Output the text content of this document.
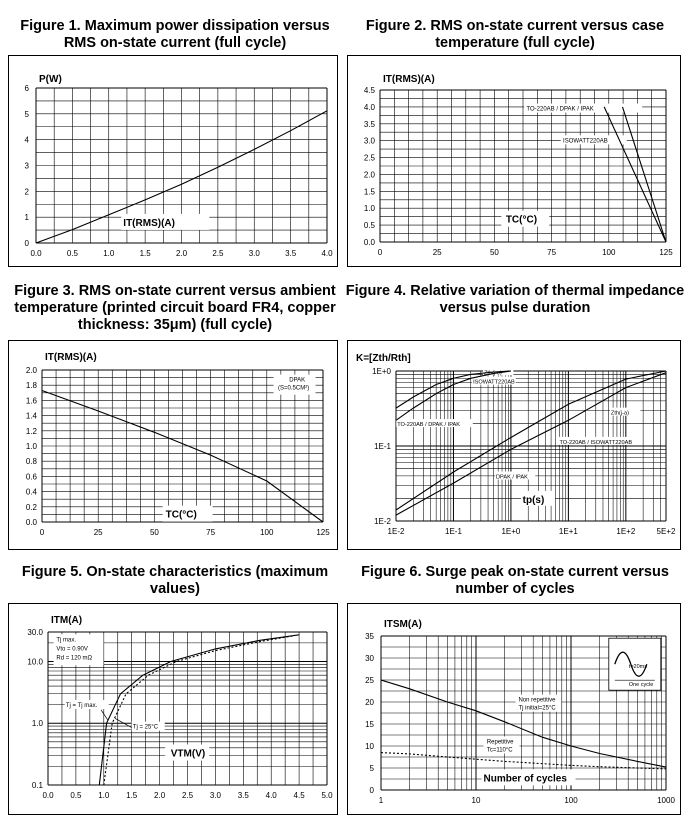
Figure 1. Maximum power dissipation versus RMS on-state current (full cycle)
Figure 2. RMS on-state current versus case temperature (full cycle)
Figure 3. RMS on-state current versus ambient temperature (printed circuit board FR4, copper thickness: 35μm) (full cycle)
Figure 4. Relative variation of thermal impedance versus pulse duration
Figure 5. On-state characteristics (maximum values)
Figure 6. Surge peak on-state current versus number of cycles
0.0	0.5	1.0	1.5	2.0	2.5	3.0	3.5	4.0
0
1
2
3
4
5
6
IT(RMS)(A)
P(W)
0	25	50	75	100	125
0.0
0.5
1.0
1.5
2.0
2.5
3.0
3.5
4.0
4.5
TC(°C)
IT(RMS)(A)
TO-220AB / DPAK / IPAK
ISOWATT220AB
0	25	50	75	100	125
0.0
0.2
0.4
0.6
0.8
1.0
1.2
1.4
1.6
1.8
2.0
TC(°C)
IT(RMS)(A)
DPAK
(S=0.5CM²)
1E-2	1E-1	1E+0	1E+1	1E+2	5E+2
1E+0
1E-1
1E-2
tp(s)
K=[Zth/Rth]
Zth(j-c)
ISOWATT220AB
TO-220AB / DPAK / IPAK
Zth(j-a)
TO-220AB / ISOWATT220AB
DPAK / IPAK
0.0 0.5 1.0 1.5 2.0 2.5 3.0 3.5 4.0 4.5 5.0
30.0
10.0
1.0
0.1
VTM(V)
ITM(A)
Tj max.
Vto = 0.90V
Rd = 120 mΩ
Tj = Tj max.
Tj = 25°C
1	10	100	1000
0
5
10
15
20
25
30
35
Number of cycles
ITSM(A)
t=20ms
One cycle
Non repetitive
Tj initial=25°C
Repetitive
Tc=110°C
